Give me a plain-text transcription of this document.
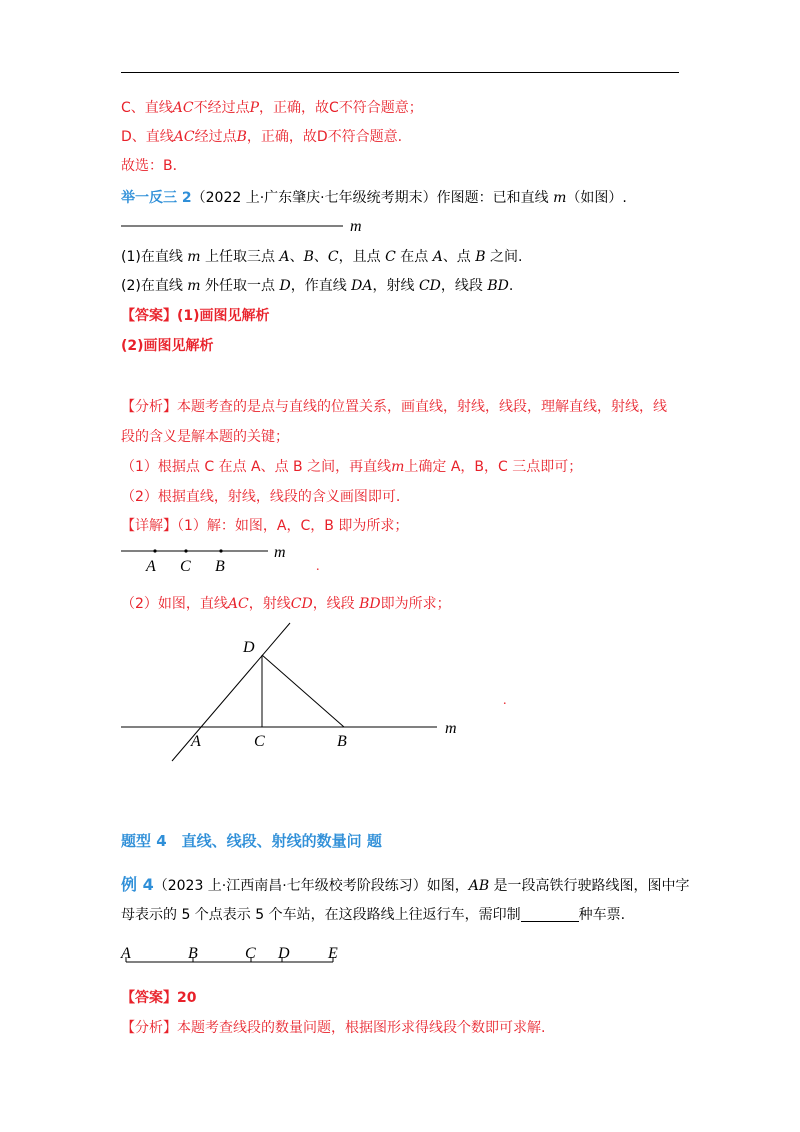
C、直线AC不经过点P，正确，故C不符合题意；
D、直线AC经过点B，正确，故D不符合题意.
故选：B．
举一反三 2（2022 上·广东肇庆·七年级统考期末）作图题：已和直线 m（如图）.
m
(1)在直线 m 上任取三点 A、B、C，且点 C 在点 A、点 B 之间.
(2)在直线 m 外任取一点 D，作直线 DA，射线 CD，线段 BD.
【答案】(1)画图见解析
(2)画图见解析
【分析】本题考查的是点与直线的位置关系，画直线，射线，线段，理解直线，射线，线
段的含义是解本题的关键；
（1）根据点 C 在点 A、点 B 之间，再直线m上确定 A，B，C 三点即可；
（2）根据直线，射线，线段的含义画图即可.
【详解】（1）解：如图，A，C，B 即为所求；
m
A C B	.
（2）如图，直线AC，射线CD，线段 BD即为所求；
D
A	C	B
m
.
题型 4　直线、线段、射线的数量问 题
例 4（2023 上·江西南昌·七年级校考阶段练习）如图，AB 是一段高铁行驶路线图，图中字
母表示的 5 个点表示 5 个车站，在这段路线上往返行车，需印制	种车票.
A	B	C D E
【答案】20
【分析】本题考查线段的数量问题，根据图形求得线段个数即可求解.
